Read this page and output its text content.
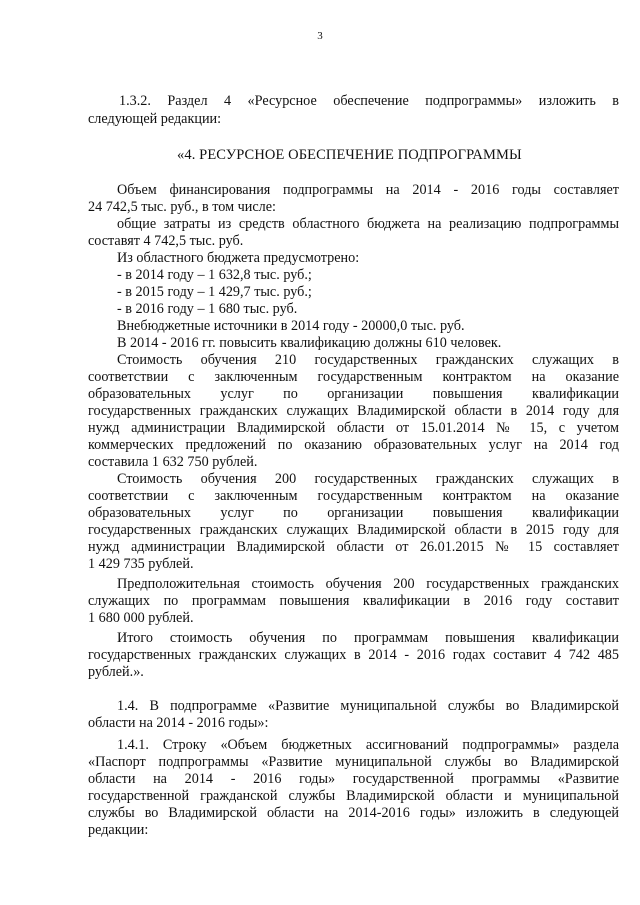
3

1.3.2. Раздел 4 «Ресурсное обеспечение подпрограммы» изложить в

следующей редакции:

«4. РЕСУРСНОЕ ОБЕСПЕЧЕНИЕ ПОДПРОГРАММЫ

Объем финансирования подпрограммы на 2014 - 2016 годы составляет

24 742,5 тыс. руб., в том числе:

общие затраты из средств областного бюджета на реализацию подпрограммы

составят 4 742,5 тыс. руб.

Из областного бюджета предусмотрено:

- в 2014 году – 1 632,8 тыс. руб.;

- в 2015 году – 1 429,7 тыс. руб.;

- в 2016 году – 1 680 тыс. руб.

Внебюджетные источники в 2014 году - 20000,0 тыс. руб.

В 2014 - 2016 гг. повысить квалификацию должны 610 человек.

Стоимость обучения 210 государственных гражданских служащих в

соответствии с заключенным государственным контрактом на оказание

образовательных услуг по организации повышения квалификации

государственных гражданских служащих Владимирской области в 2014 году для

нужд администрации Владимирской области от 15.01.2014 № 15, с учетом

коммерческих предложений по оказанию образовательных услуг на 2014 год

составила 1 632 750 рублей.

Стоимость обучения 200 государственных гражданских служащих в

соответствии с заключенным государственным контрактом на оказание

образовательных услуг по организации повышения квалификации

государственных гражданских служащих Владимирской области в 2015 году для

нужд администрации Владимирской области от 26.01.2015 № 15 составляет

1 429 735 рублей.

Предположительная стоимость обучения 200 государственных гражданских

служащих по программам повышения квалификации в 2016 году составит

1 680 000 рублей.

Итого стоимость обучения по программам повышения квалификации

государственных гражданских служащих в 2014 - 2016 годах составит 4 742 485

рублей.».

1.4. В подпрограмме «Развитие муниципальной службы во Владимирской

области на 2014 - 2016 годы»:

1.4.1. Строку «Объем бюджетных ассигнований подпрограммы» раздела

«Паспорт подпрограммы «Развитие муниципальной службы во Владимирской

области на 2014 - 2016 годы» государственной программы «Развитие

государственной гражданской службы Владимирской области и муниципальной

службы во Владимирской области на 2014-2016 годы» изложить в следующей

редакции:
